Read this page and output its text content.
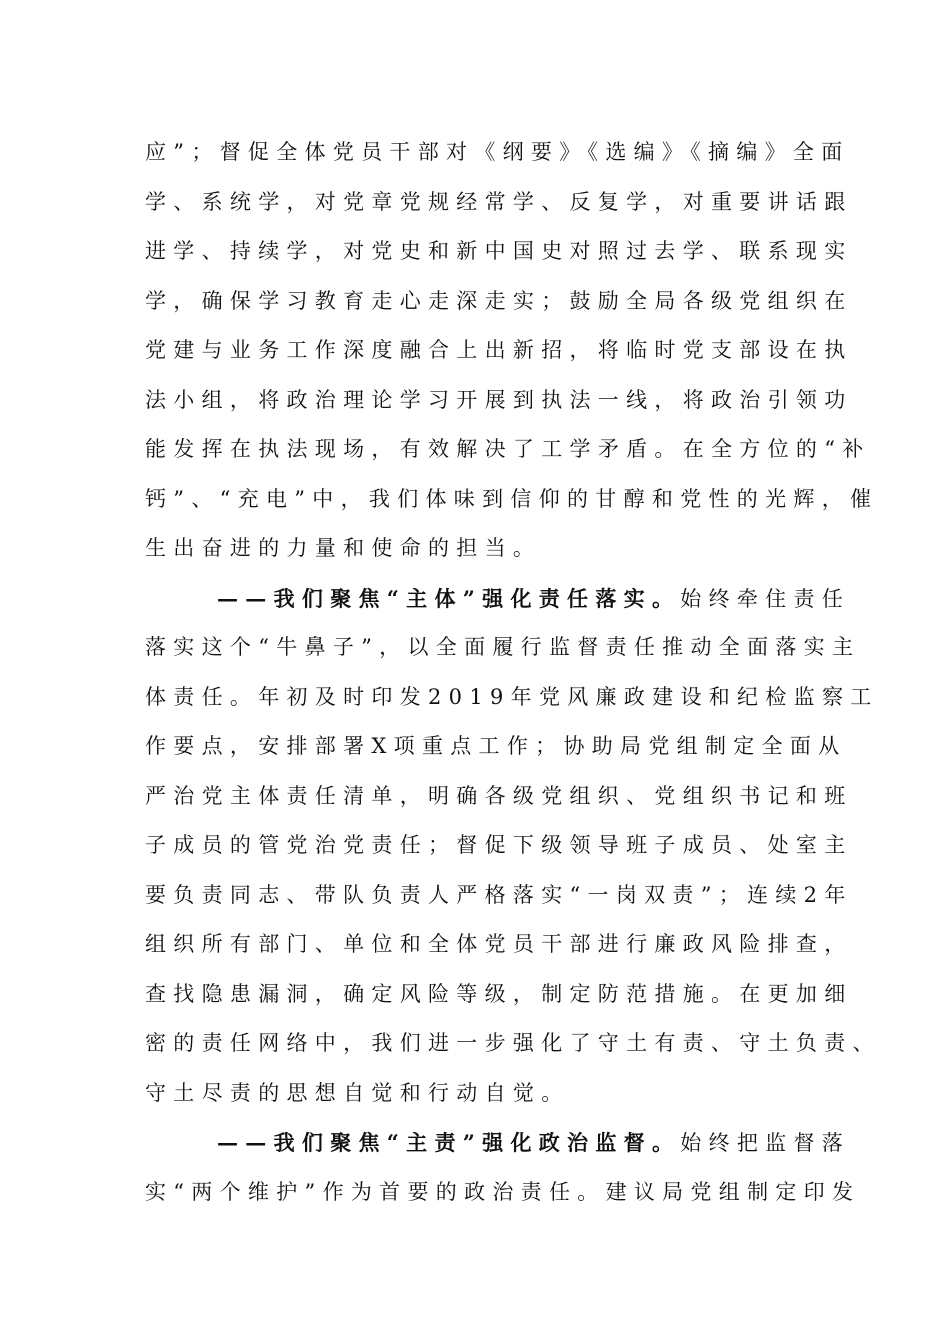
应”；督促全体党员干部对《纲要》《选编》《摘编》全面
学、系统学，对党章党规经常学、反复学，对重要讲话跟
进学、持续学，对党史和新中国史对照过去学、联系现实
学，确保学习教育走心走深走实；鼓励全局各级党组织在
党建与业务工作深度融合上出新招，将临时党支部设在执
法小组，将政治理论学习开展到执法一线，将政治引领功
能发挥在执法现场，有效解决了工学矛盾。在全方位的“补
钙”、“充电”中，我们体味到信仰的甘醇和党性的光辉，催
生出奋进的力量和使命的担当。
——我们聚焦“主体”强化责任落实。始终牵住责任
落实这个“牛鼻子”，以全面履行监督责任推动全面落实主
体责任。年初及时印发2019年党风廉政建设和纪检监察工
作要点，安排部署X项重点工作；协助局党组制定全面从
严治党主体责任清单，明确各级党组织、党组织书记和班
子成员的管党治党责任；督促下级领导班子成员、处室主
要负责同志、带队负责人严格落实“一岗双责”；连续2年
组织所有部门、单位和全体党员干部进行廉政风险排查，
查找隐患漏洞，确定风险等级，制定防范措施。在更加细
密的责任网络中，我们进一步强化了守土有责、守土负责、
守土尽责的思想自觉和行动自觉。
——我们聚焦“主责”强化政治监督。始终把监督落
实“两个维护”作为首要的政治责任。建议局党组制定印发
